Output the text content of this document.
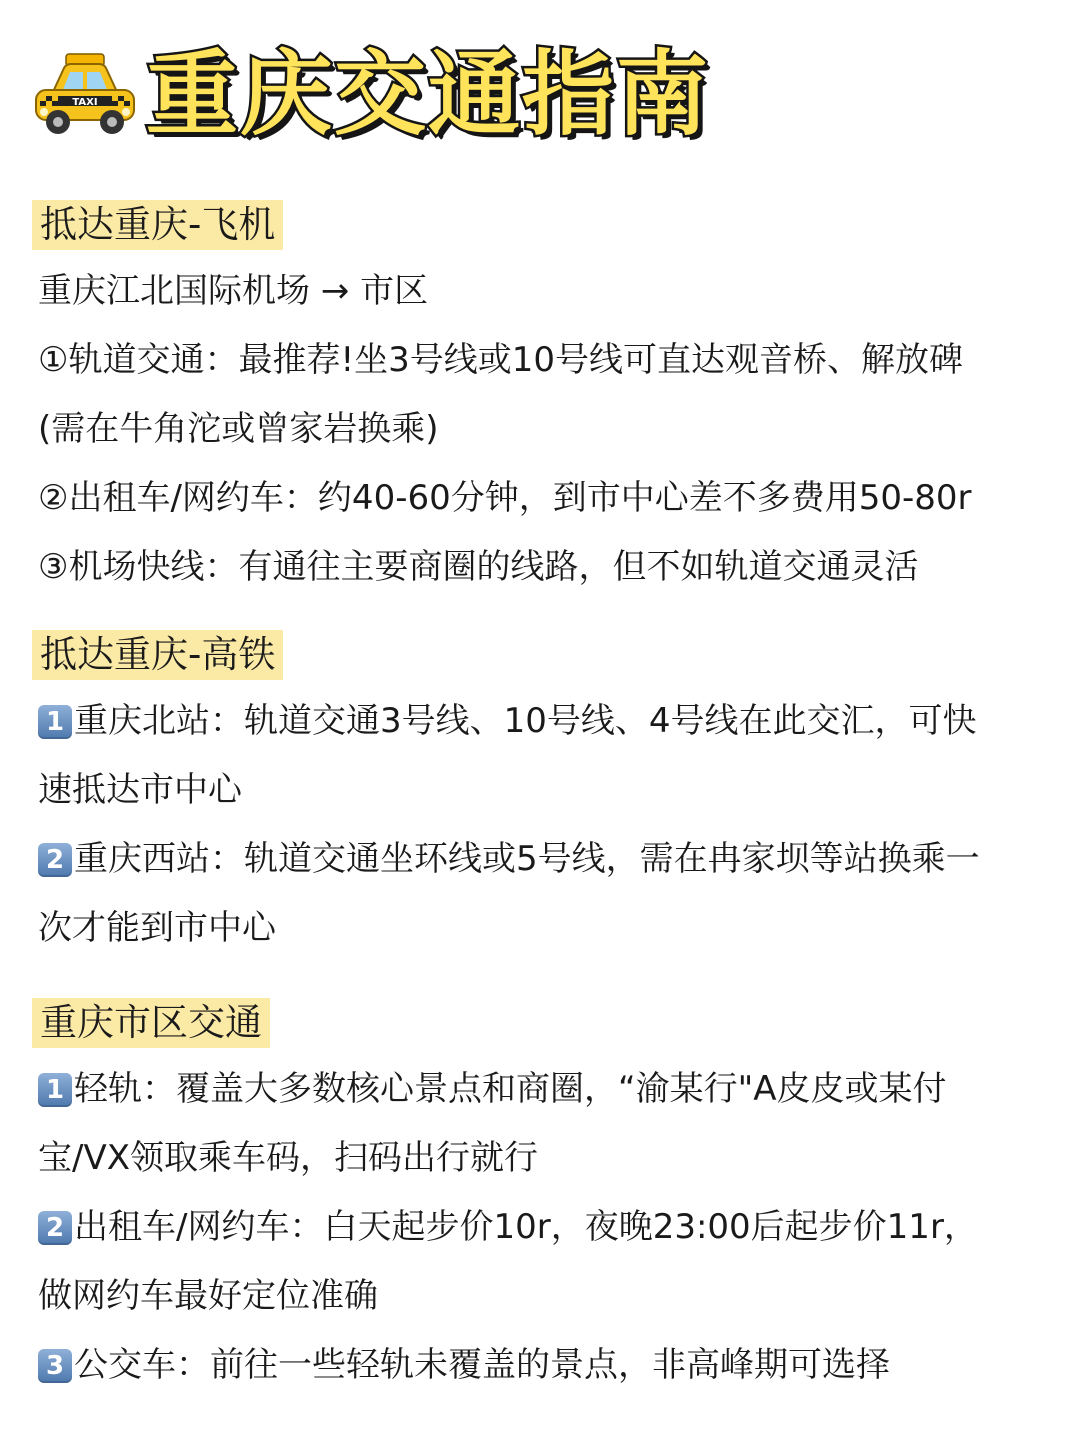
TAXI 重庆交通指南
抵达重庆-飞机
重庆江北国际机场 → 市区
①轨道交通：最推荐!坐3号线或10号线可直达观音桥、解放碑
(需在牛角沱或曾家岩换乘)
②出租车/网约车：约40-60分钟，到市中心差不多费用50-80r
③机场快线：有通往主要商圈的线路，但不如轨道交通灵活
抵达重庆-高铁
1 重庆北站：轨道交通3号线、10号线、4号线在此交汇，可快
速抵达市中心
2 重庆西站：轨道交通坐环线或5号线，需在冉家坝等站换乘一
次才能到市中心
重庆市区交通
1 轻轨：覆盖大多数核心景点和商圈，“渝某行"A皮皮或某付
宝/VX领取乘车码，扫码出行就行
2 出租车/网约车：白天起步价10r，夜晚23:00后起步价11r，
做网约车最好定位准确
3 公交车：前往一些轻轨未覆盖的景点，非高峰期可选择
